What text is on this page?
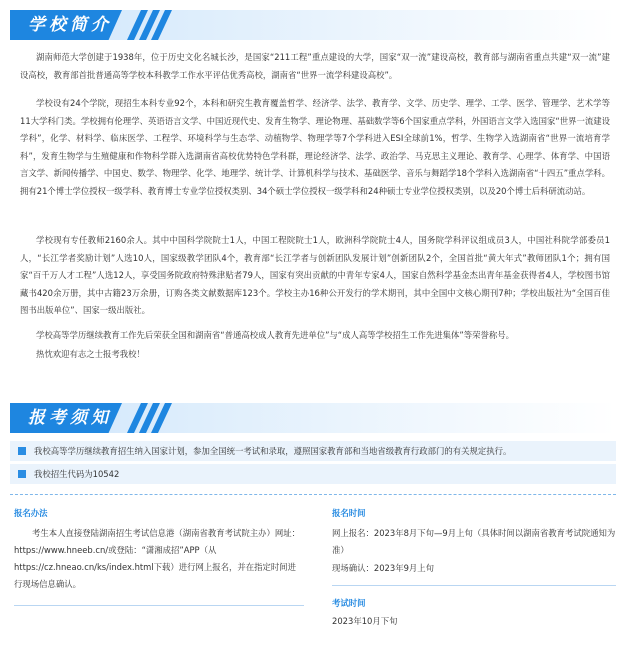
学校简介

湖南师范大学创建于1938年，位于历史文化名城长沙，是国家“211工程”重点建设的大学，国家“双一流”建设高校，教育部与湖南省重点共建“双一流”建设高校，教育部首批普通高等学校本科教学工作水平评估优秀高校，湖南省“世界一流学科建设高校”。

学校设有24个学院，现招生本科专业92个，本科和研究生教育覆盖哲学、经济学、法学、教育学、文学、历史学、理学、工学、医学、管理学、艺术学等11大学科门类。学校拥有伦理学、英语语言文学、中国近现代史、发育生物学、理论物理、基础数学等6个国家重点学科，外国语言文学入选国家“世界一流建设学科”，化学、材料学、临床医学、工程学、环境科学与生态学、动植物学、物理学等7个学科进入ESI全球前1%，哲学、生物学入选湖南省“世界一流培育学科”，发育生物学与生殖健康和作物科学群入选湖南省高校优势特色学科群，理论经济学、法学、政治学、马克思主义理论、教育学、心理学、体育学、中国语言文学、新闻传播学、中国史、数学、物理学、化学、地理学、统计学、计算机科学与技术、基础医学、音乐与舞蹈学18个学科入选湖南省“十四五”重点学科。拥有21个博士学位授权一级学科、教育博士专业学位授权类别、34个硕士学位授权一级学科和24种硕士专业学位授权类别，以及20个博士后科研流动站。

学校现有专任教师2160余人。其中中国科学院院士1人，中国工程院院士1人，欧洲科学院院士4人，国务院学科评议组成员3人，中国社科院学部委员1人，“长江学者奖励计划”人选10人，国家级教学团队4个，教育部“长江学者与创新团队发展计划”创新团队2个，全国首批“黄大年式”教师团队1个；拥有国家“百千万人才工程”人选12人，享受国务院政府特殊津贴者79人，国家有突出贡献的中青年专家4人，国家自然科学基金杰出青年基金获得者4人，学校图书馆藏书420余万册，其中古籍23万余册，订购各类文献数据库123个。学校主办16种公开发行的学术期刊，其中全国中文核心期刊7种；学校出版社为“全国百佳图书出版单位”、国家一级出版社。

学校高等学历继续教育工作先后荣获全国和湖南省“普通高校成人教育先进单位”与“成人高等学校招生工作先进集体”等荣誉称号。

热忱欢迎有志之士报考我校！

报考须知
我校高等学历继续教育招生纳入国家计划，参加全国统一考试和录取，遵照国家教育部和当地省级教育行政部门的有关规定执行。
我校招生代码为10542
报名办法

考生本人直接登陆湖南招生考试信息港（湖南省教育考试院主办）网址：https://www.hneeb.cn/或登陆：“潇湘成招”APP（从https://cz.hneao.cn/ks/index.html下载）进行网上报名，并在指定时间进行现场信息确认。

报名时间

网上报名：2023年8月下旬—9月上旬（具体时间以湖南省教育考试院通知为准）

现场确认：2023年9月上旬

考试时间

2023年10月下旬
